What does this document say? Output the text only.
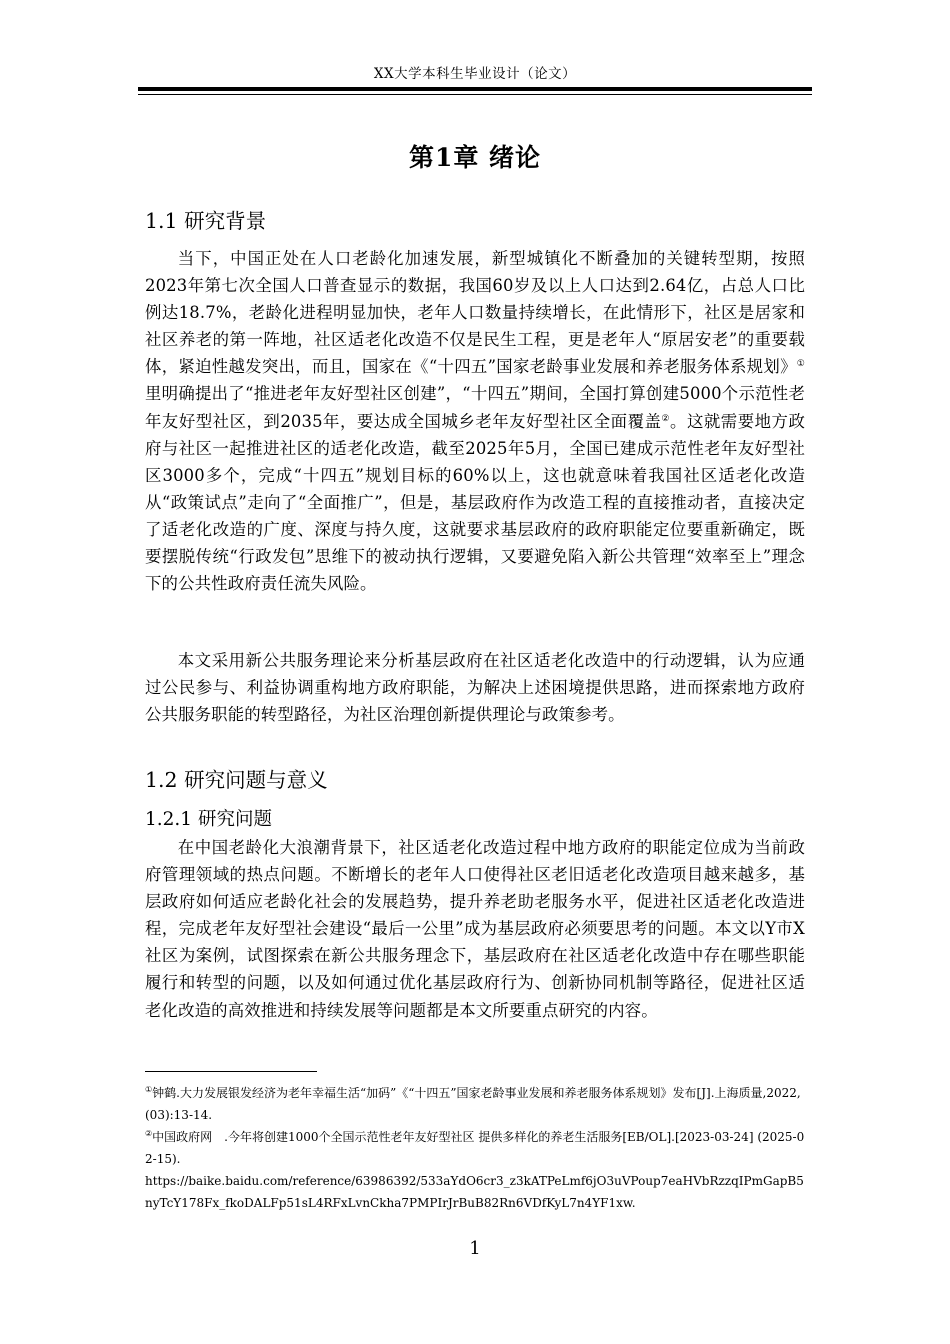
XX大学本科生毕业设计（论文）
第1章 绪论
1.1 研究背景

当下，中国正处在人口老龄化加速发展，新型城镇化不断叠加的关键转型期，按照2023年第七次全国人口普查显示的数据，我国60岁及以上人口达到2.64亿，占总人口比例达18.7%，老龄化进程明显加快，老年人口数量持续增长，在此情形下，社区是居家和社区养老的第一阵地，社区适老化改造不仅是民生工程，更是老年人“原居安老”的重要载体，紧迫性越发突出，而且，国家在《“十四五”国家老龄事业发展和养老服务体系规划》①里明确提出了“推进老年友好型社区创建”，“十四五”期间，全国打算创建5000个示范性老年友好型社区，到2035年，要达成全国城乡老年友好型社区全面覆盖②。这就需要地方政府与社区一起推进社区的适老化改造，截至2025年5月，全国已建成示范性老年友好型社区3000多个，完成“十四五”规划目标的60%以上，这也就意味着我国社区适老化改造从“政策试点”走向了“全面推广”，但是，基层政府作为改造工程的直接推动者，直接决定了适老化改造的广度、深度与持久度，这就要求基层政府的政府职能定位要重新确定，既要摆脱传统“行政发包”思维下的被动执行逻辑，又要避免陷入新公共管理“效率至上”理念下的公共性政府责任流失风险。

本文采用新公共服务理论来分析基层政府在社区适老化改造中的行动逻辑，认为应通过公民参与、利益协调重构地方政府职能，为解决上述困境提供思路，进而探索地方政府公共服务职能的转型路径，为社区治理创新提供理论与政策参考。

1.2 研究问题与意义
1.2.1 研究问题

在中国老龄化大浪潮背景下，社区适老化改造过程中地方政府的职能定位成为当前政府管理领域的热点问题。不断增长的老年人口使得社区老旧适老化改造项目越来越多，基层政府如何适应老龄化社会的发展趋势，提升养老助老服务水平，促进社区适老化改造进程，完成老年友好型社会建设“最后一公里”成为基层政府必须要思考的问题。本文以Y市X社区为案例，试图探索在新公共服务理念下，基层政府在社区适老化改造中存在哪些职能履行和转型的问题，以及如何通过优化基层政府行为、创新协同机制等路径，促进社区适老化改造的高效推进和持续发展等问题都是本文所要重点研究的内容。

①钟鹤.大力发展银发经济为老年幸福生活“加码”《“十四五”国家老龄事业发展和养老服务体系规划》发布[J].上海质量,2022,(03):13-14.

②中国政府网　.今年将创建1000个全国示范性老年友好型社区 提供多样化的养老生活服务[EB/OL].[2023-03-24] (2025-02-15).
https://baike.baidu.com/reference/63986392/533aYdO6cr3_z3kATPeLmf6jO3uVPoup7eaHVbRzzqIPmGapB5nyTcY178Fx_fkoDALFp51sL4RFxLvnCkha7PMPIrJrBuB82Rn6VDfKyL7n4YF1xw.

1
